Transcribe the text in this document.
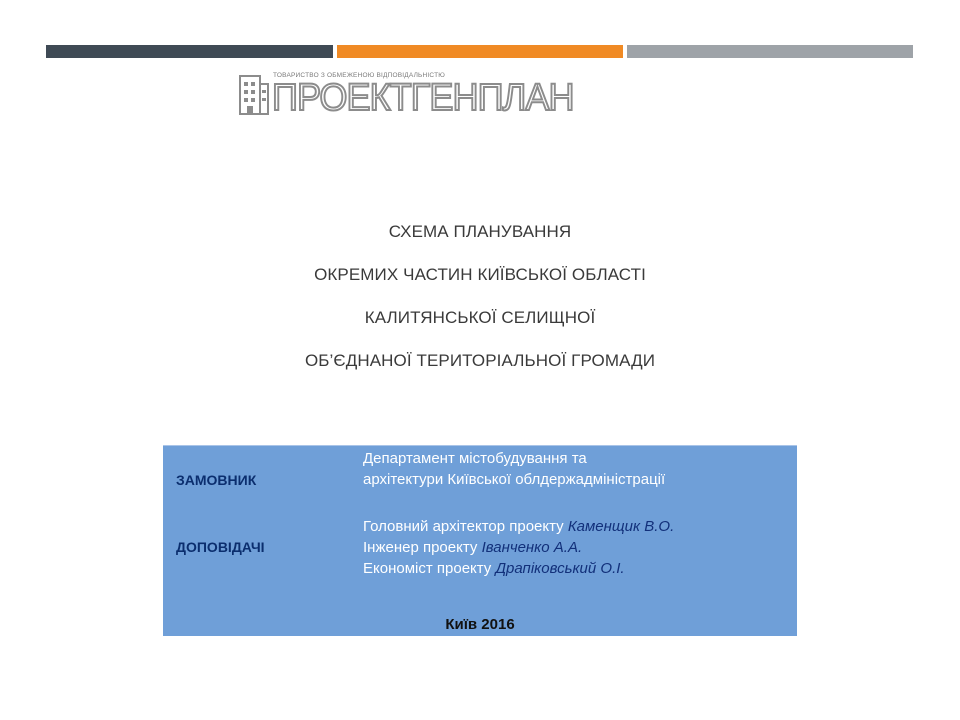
ТОВАРИСТВО З ОБМЕЖЕНОЮ ВІДПОВІДАЛЬНІСТЮ
ПРОЕКТГЕНПЛАН
СХЕМА ПЛАНУВАННЯ
ОКРЕМИХ ЧАСТИН КИЇВСЬКОЇ ОБЛАСТІ
КАЛИТЯНСЬКОЇ СЕЛИЩНОЇ
ОБ’ЄДНАНОЇ ТЕРИТОРІАЛЬНОЇ ГРОМАДИ
ЗАМОВНИК
Департамент містобудування та
архітектури Київської облдержадміністрації
ДОПОВІДАЧІ
Головний архітектор проекту Каменщик В.О.
Інженер проекту Іванченко А.А.
Економіст проекту Драпіковський О.І.
Київ 2016
